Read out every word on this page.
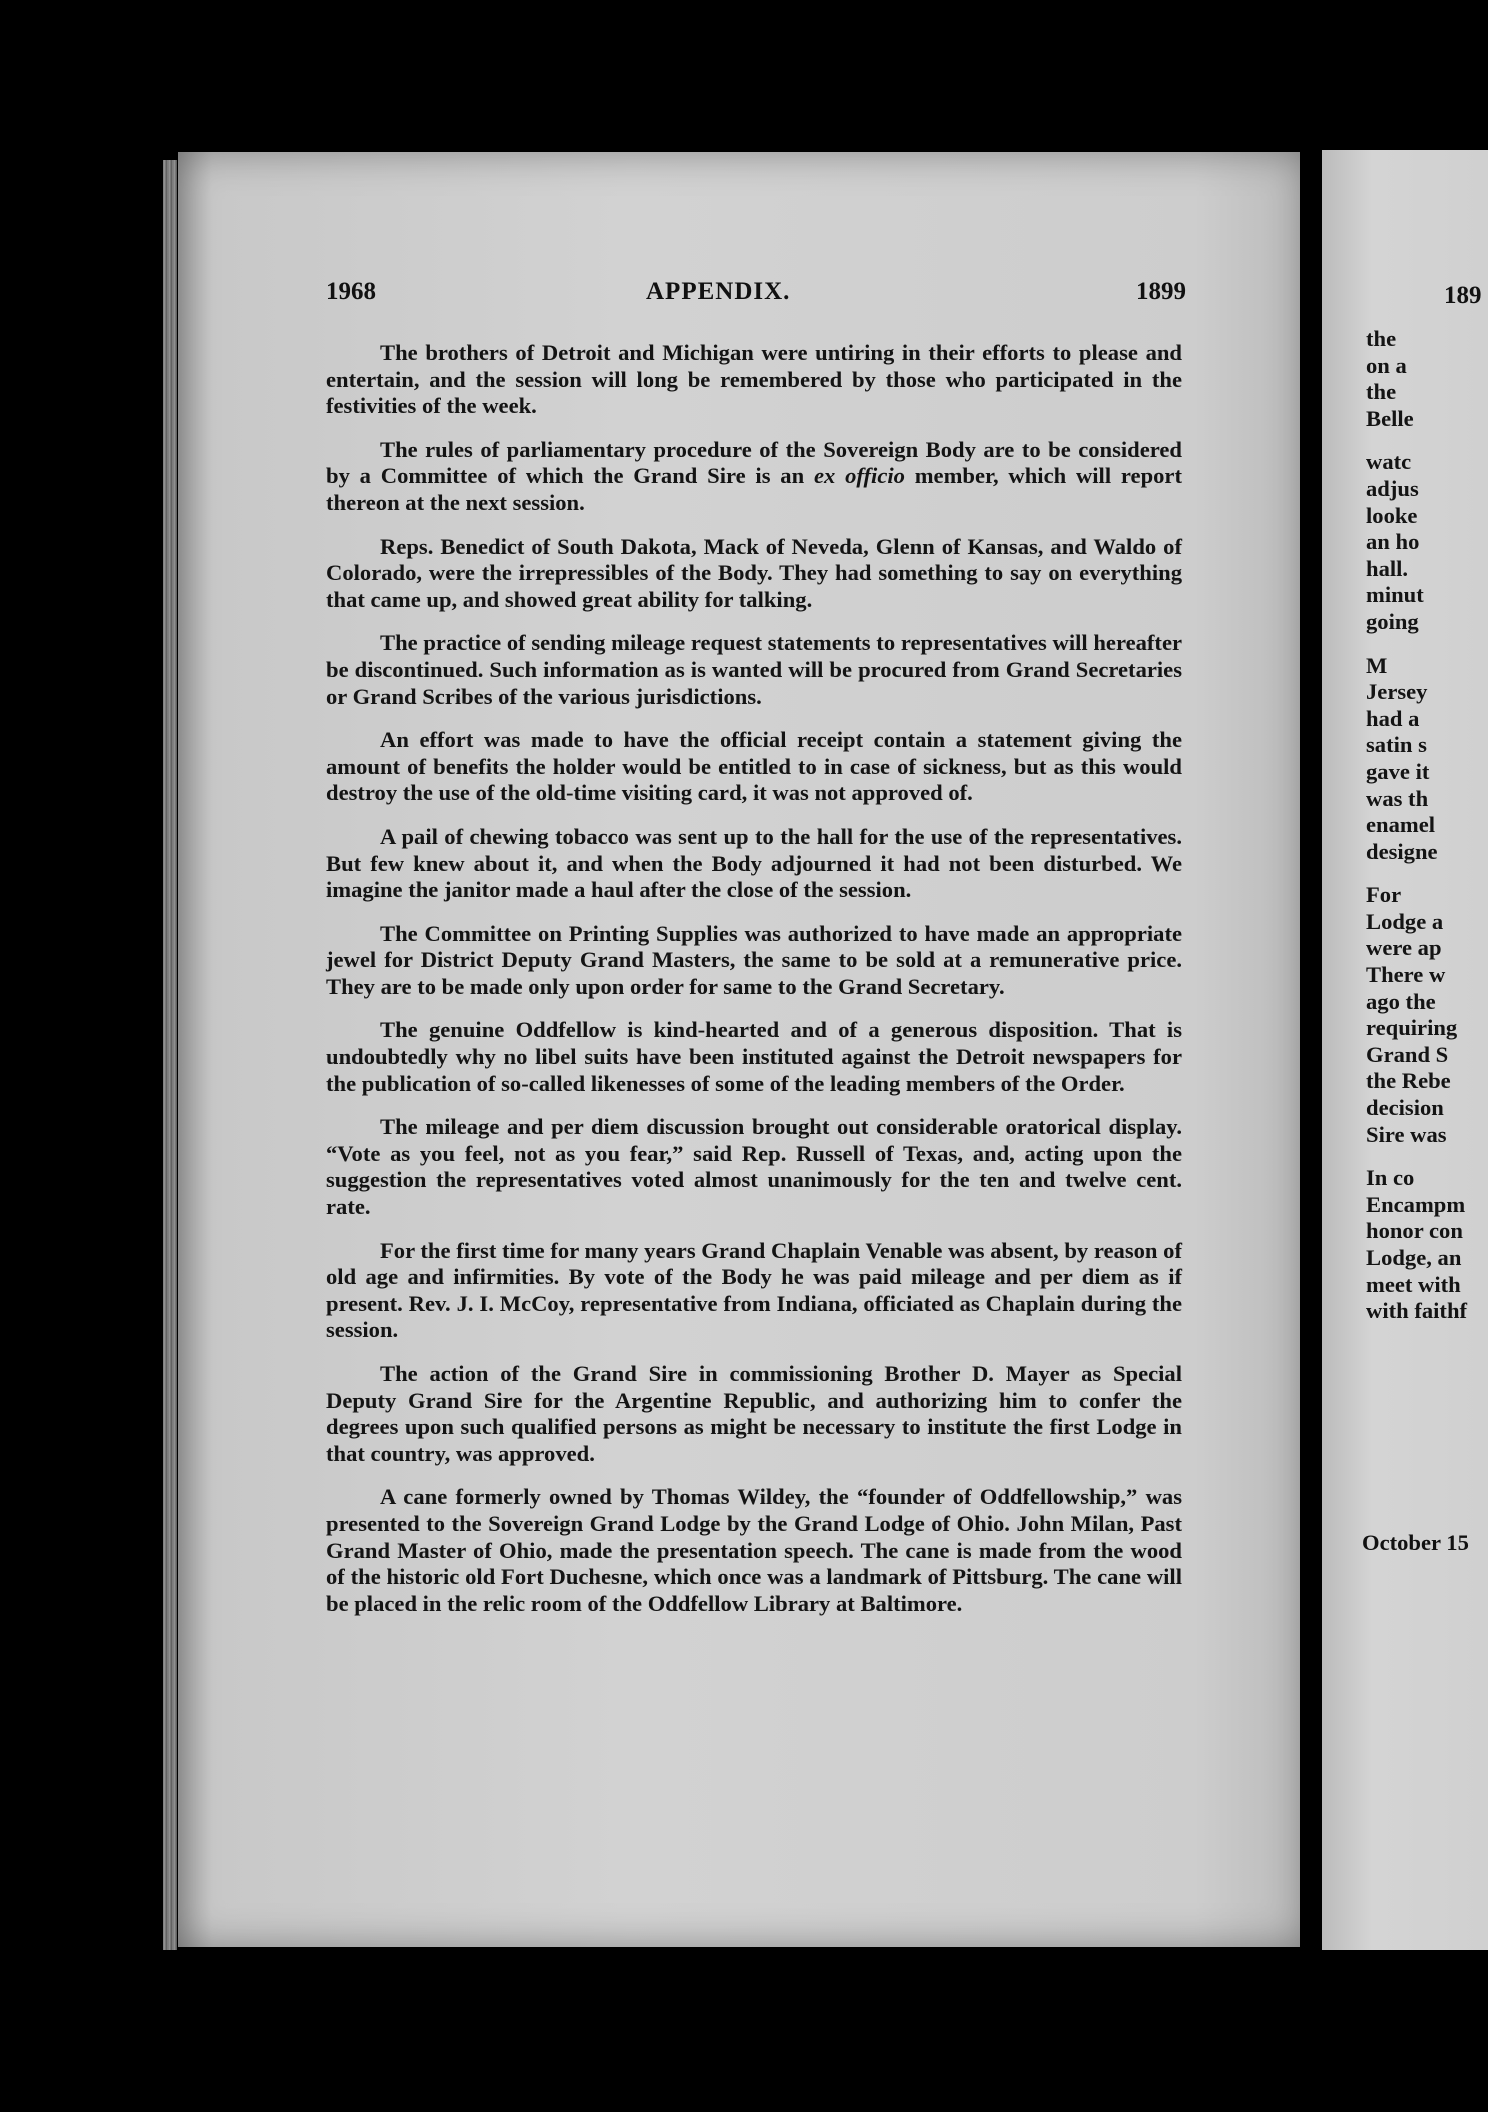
1968	APPENDIX.	1899

The brothers of Detroit and Michigan were untiring in their efforts to please and entertain, and the session will long be remembered by those who participated in the festivities of the week.

The rules of parliamentary procedure of the Sovereign Body are to be considered by a Committee of which the Grand Sire is an ex officio member, which will report thereon at the next session.

Reps. Benedict of South Dakota, Mack of Neveda, Glenn of Kansas, and Waldo of Colorado, were the irrepressibles of the Body. They had something to say on everything that came up, and showed great ability for talking.

The practice of sending mileage request statements to representatives will hereafter be discontinued. Such information as is wanted will be procured from Grand Secretaries or Grand Scribes of the various jurisdictions.

An effort was made to have the official receipt contain a statement giving the amount of benefits the holder would be entitled to in case of sickness, but as this would destroy the use of the old-time visiting card, it was not approved of.

A pail of chewing tobacco was sent up to the hall for the use of the representatives. But few knew about it, and when the Body adjourned it had not been disturbed. We imagine the janitor made a haul after the close of the session.

The Committee on Printing Supplies was authorized to have made an appropriate jewel for District Deputy Grand Masters, the same to be sold at a remunerative price. They are to be made only upon order for same to the Grand Secretary.

The genuine Oddfellow is kind-hearted and of a generous disposition. That is undoubtedly why no libel suits have been instituted against the Detroit newspapers for the publication of so-called likenesses of some of the leading members of the Order.

The mileage and per diem discussion brought out considerable oratorical display. “Vote as you feel, not as you fear,” said Rep. Russell of Texas, and, acting upon the suggestion the representatives voted almost unanimously for the ten and twelve cent. rate.

For the first time for many years Grand Chaplain Venable was absent, by reason of old age and infirmities. By vote of the Body he was paid mileage and per diem as if present. Rev. J. I. McCoy, representative from Indiana, officiated as Chaplain during the session.

The action of the Grand Sire in commissioning Brother D. Mayer as Special Deputy Grand Sire for the Argentine Republic, and authorizing him to confer the degrees upon such qualified persons as might be necessary to institute the first Lodge in that country, was approved.

A cane formerly owned by Thomas Wildey, the “founder of Oddfellowship,” was presented to the Sovereign Grand Lodge by the Grand Lodge of Ohio. John Milan, Past Grand Master of Ohio, made the presentation speech. The cane is made from the wood of the historic old Fort Duchesne, which once was a landmark of Pittsburg. The cane will be placed in the relic room of the Oddfellow Library at Baltimore.

189
the
on a
the
Belle
watc
adjus
looke
an ho
hall.
minut
going
M
Jersey
had a
satin s
gave it
was th
enamel
designe
For
Lodge a
were ap
There w
ago the
requiring
Grand S
the Rebe
decision
Sire was
In co
Encampm
honor con
Lodge, an
meet with
with faithf
October 15
